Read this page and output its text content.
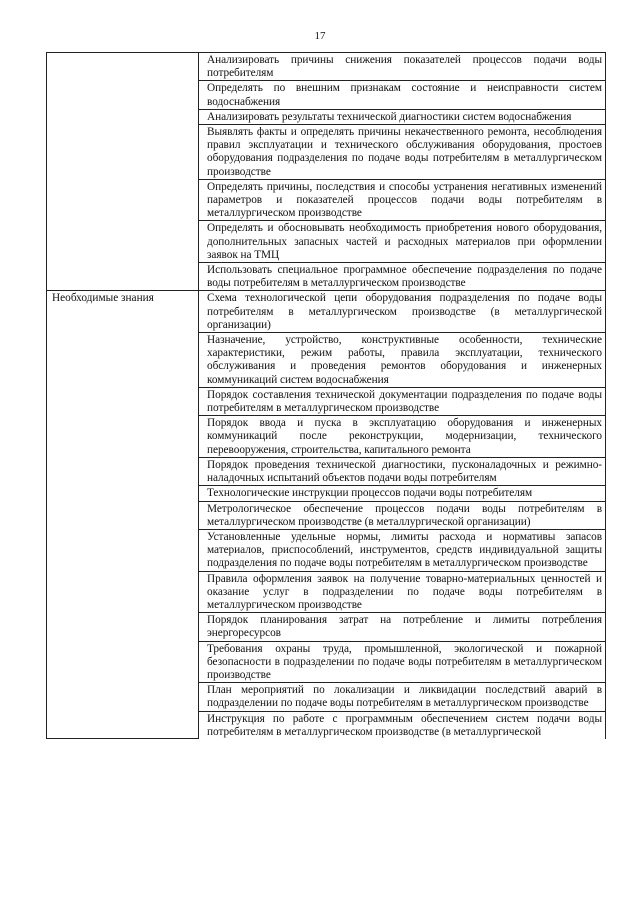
17
	Анализировать причины снижения показателей процессов подачи воды потребителям
	Определять по внешним признакам состояние и неисправности систем водоснабжения
	Анализировать результаты технической диагностики систем водоснабжения
	Выявлять факты и определять причины некачественного ремонта, несоблюдения правил эксплуатации и технического обслуживания оборудования, простоев оборудования подразделения по подаче воды потребителям в металлургическом производстве
	Определять причины, последствия и способы устранения негативных изменений параметров и показателей процессов подачи воды потребителям в металлургическом производстве
	Определять и обосновывать необходимость приобретения нового оборудования, дополнительных запасных частей и расходных материалов при оформлении заявок на ТМЦ
	Использовать специальное программное обеспечение подразделения по подаче воды потребителям в металлургическом производстве
Необходимые знания	Схема технологической цепи оборудования подразделения по подаче воды потребителям в металлургическом производстве (в металлургической организации)
	Назначение, устройство, конструктивные особенности, технические характеристики, режим работы, правила эксплуатации, технического обслуживания и проведения ремонтов оборудования и инженерных коммуникаций систем водоснабжения
	Порядок составления технической документации подразделения по подаче воды потребителям в металлургическом производстве
	Порядок ввода и пуска в эксплуатацию оборудования и инженерных коммуникаций после реконструкции, модернизации, технического перевооружения, строительства, капитального ремонта
	Порядок проведения технической диагностики, пусконаладочных и режимно-наладочных испытаний объектов подачи воды потребителям
	Технологические инструкции процессов подачи воды потребителям
	Метрологическое обеспечение процессов подачи воды потребителям в металлургическом производстве (в металлургической организации)
	Установленные удельные нормы, лимиты расхода и нормативы запасов материалов, приспособлений, инструментов, средств индивидуальной защиты подразделения по подаче воды потребителям в металлургическом производстве
	Правила оформления заявок на получение товарно-материальных ценностей и оказание услуг в подразделении по подаче воды потребителям в металлургическом производстве
	Порядок планирования затрат на потребление и лимиты потребления энергоресурсов
	Требования охраны труда, промышленной, экологической и пожарной безопасности в подразделении по подаче воды потребителям в металлургическом производстве
	План мероприятий по локализации и ликвидации последствий аварий в подразделении по подаче воды потребителям в металлургическом производстве
	Инструкция по работе с программным обеспечением систем подачи воды потребителям в металлургическом производстве (в металлургической
